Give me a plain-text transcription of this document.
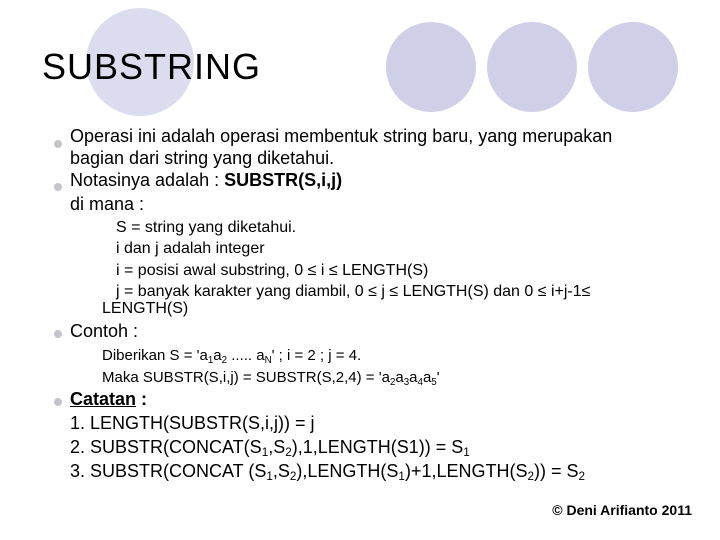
SUBSTRING
Operasi ini adalah operasi membentuk string baru, yang merupakan
bagian dari string yang diketahui.
Notasinya adalah : SUBSTR(S,i,j)
di mana :
S = string yang diketahui.
i dan j adalah integer
i = posisi awal substring, 0 ≤ i ≤ LENGTH(S)
j = banyak karakter yang diambil, 0 ≤ j ≤ LENGTH(S) dan 0 ≤ i+j-1≤
LENGTH(S)
Contoh :
Diberikan $S = 'a_1a_2$ ..... $a_N'$ ; i = 2 ; j = 4.
Maka SUBSTR(S,i,j) = SUBSTR(S,2,4) = '$a_2a_3a_4a_5$'
Catatan :
1. LENGTH(SUBSTR(S,i,j)) = j
2. $SUBSTR(CONCAT(S_1,S_2),1,LENGTH(S1)) = S_1$
3. SUBSTR(CONCAT $(S_1,S_2),LENGTH(S_1)+1,LENGTH(S_2)) = S_2$
© Deni Arifianto 2011
